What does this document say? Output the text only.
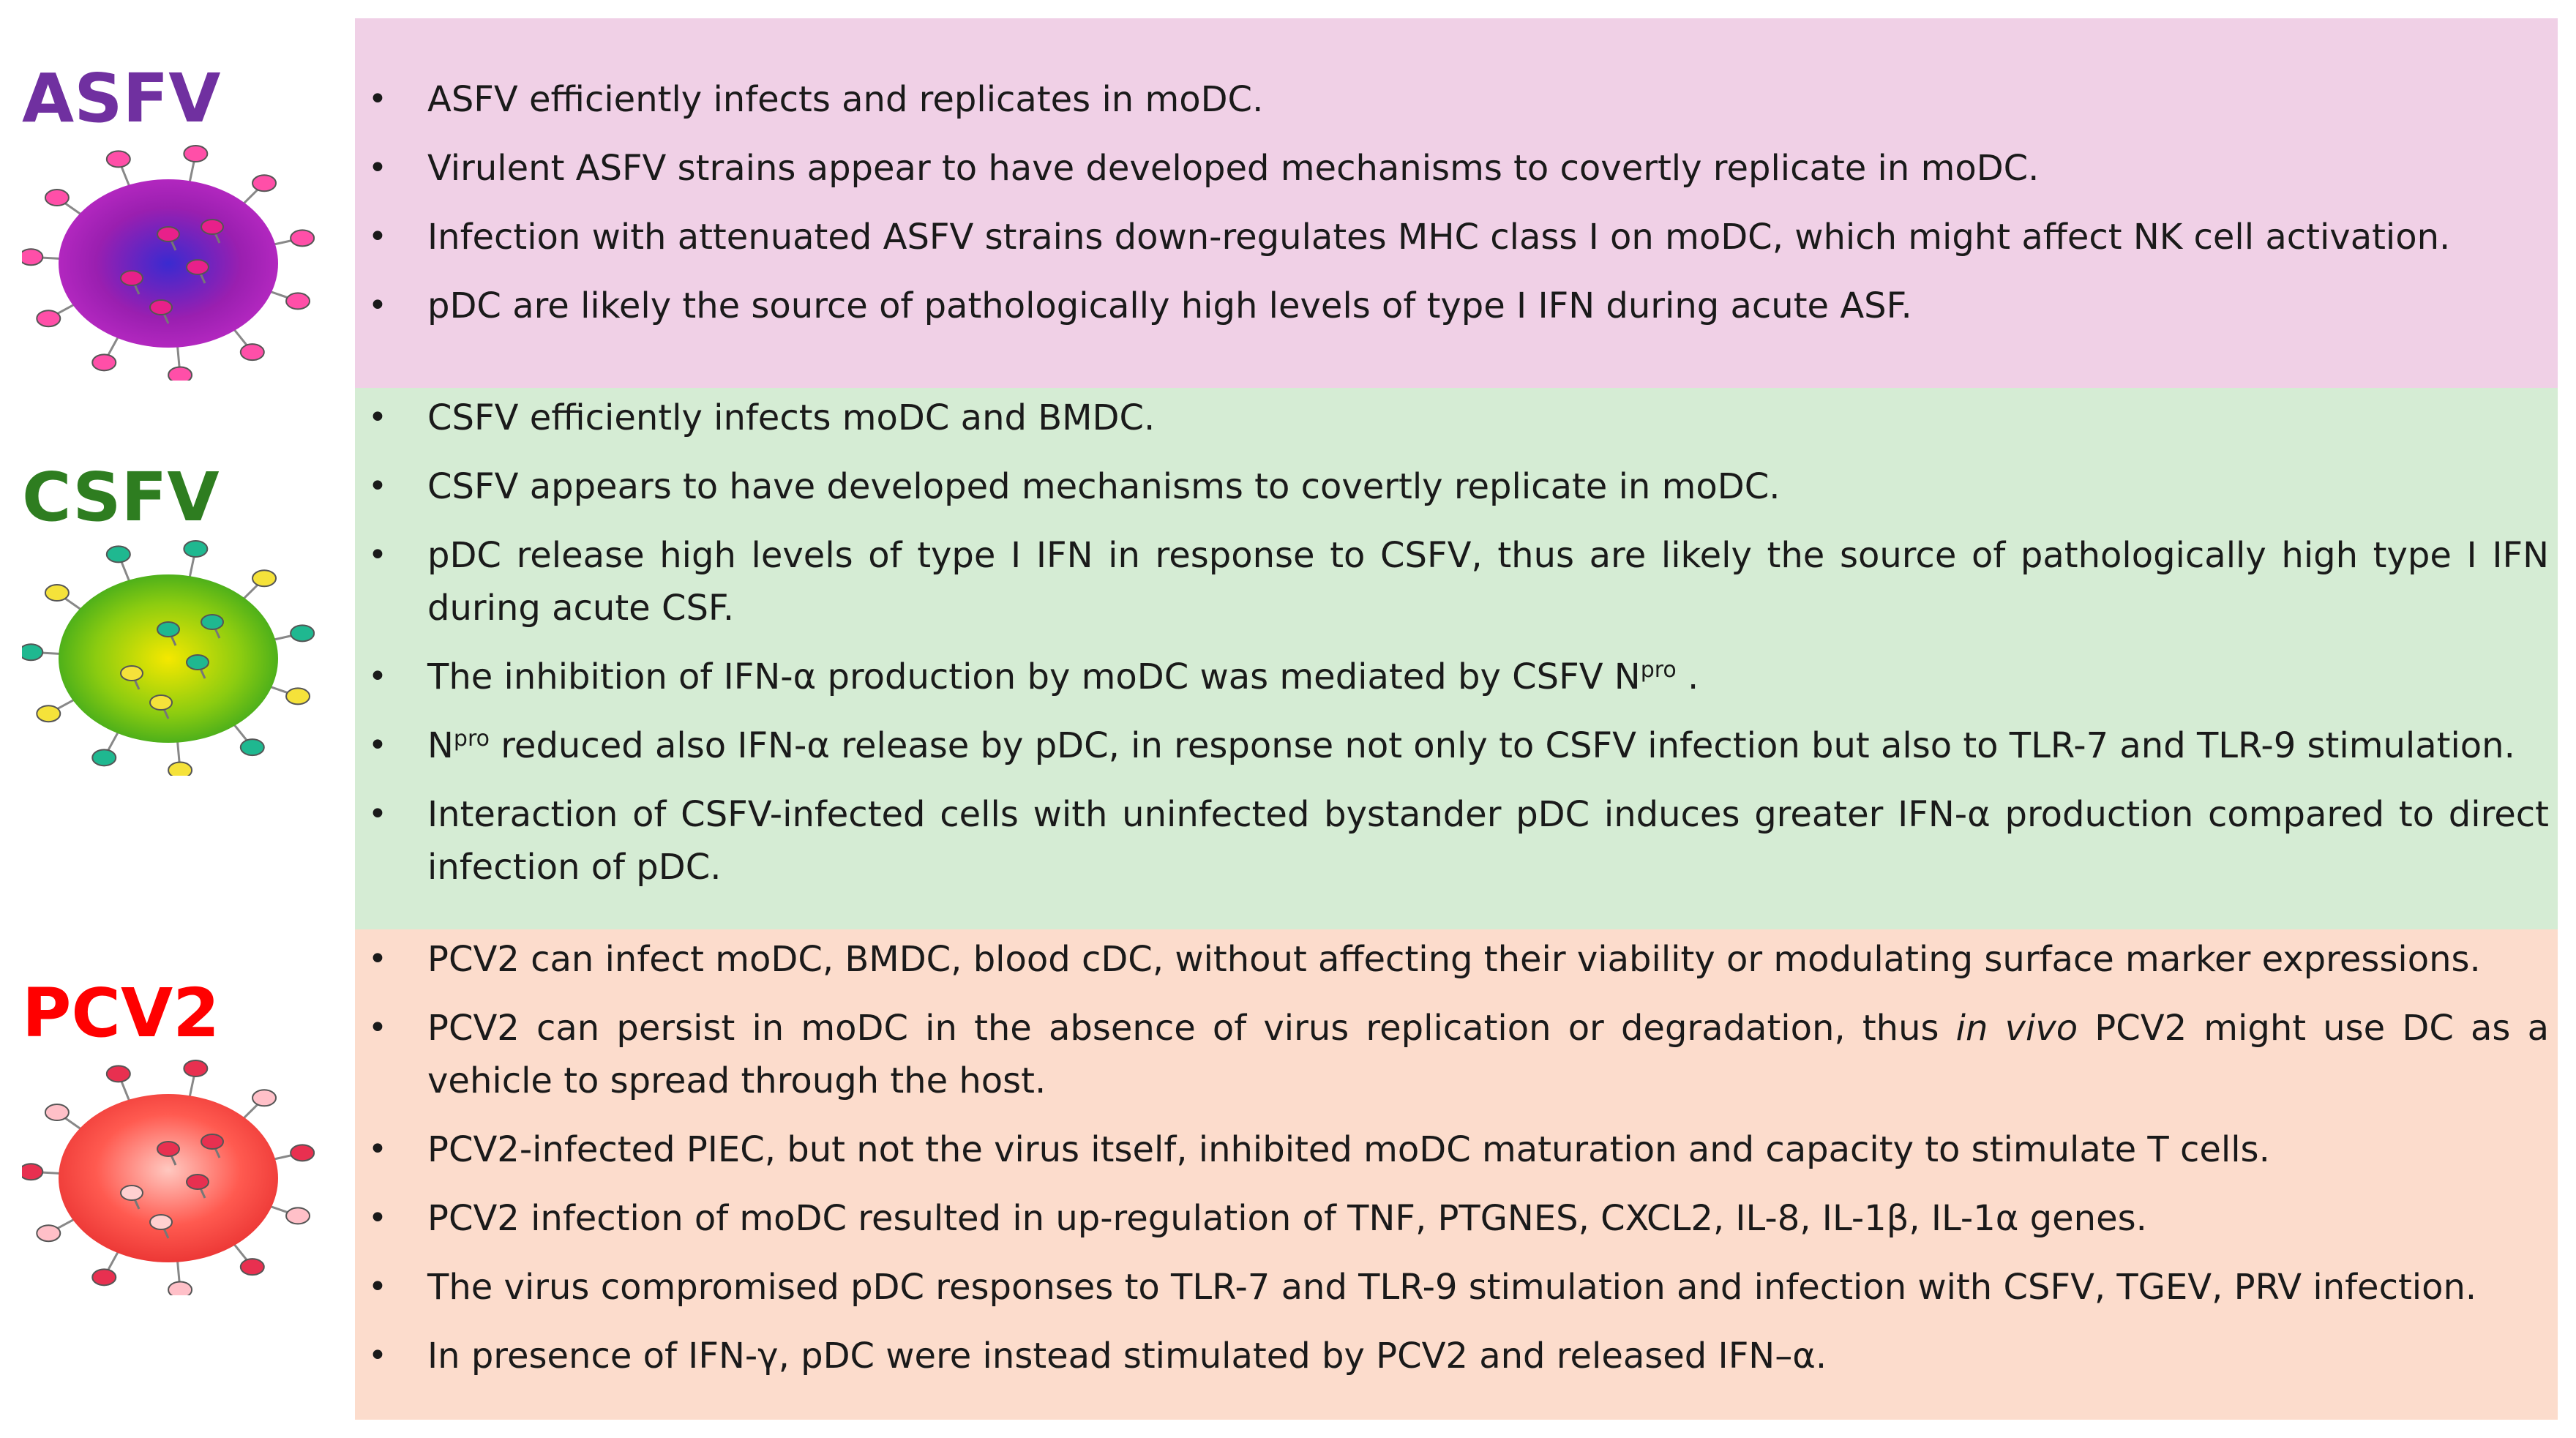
ASFV
CSFV
PCV2
• ASFV efficiently infects and replicates in moDC.
• Virulent ASFV strains appear to have developed mechanisms to covertly replicate in moDC.
• Infection with attenuated ASFV strains down-regulates MHC class I on moDC, which might affect NK cell activation.
• pDC are likely the source of pathologically high levels of type I IFN during acute ASF.
• CSFV efficiently infects moDC and BMDC.
• CSFV appears to have developed mechanisms to covertly replicate in moDC.
• pDC release high levels of type I IFN in response to CSFV, thus are likely the source of pathologically high type I IFN during acute CSF.
• The inhibition of IFN-α production by moDC was mediated by CSFV $N^{pro}$ .
• $N^{pro}$ reduced also IFN-α release by pDC, in response not only to CSFV infection but also to TLR-7 and TLR-9 stimulation.
• Interaction of CSFV-infected cells with uninfected bystander pDC induces greater IFN-α production compared to direct infection of pDC.
• PCV2 can infect moDC, BMDC, blood cDC, without affecting their viability or modulating surface marker expressions.
• PCV2 can persist in moDC in the absence of virus replication or degradation, thus in vivo PCV2 might use DC as a vehicle to spread through the host.
• PCV2-infected PIEC, but not the virus itself, inhibited moDC maturation and capacity to stimulate T cells.
• PCV2 infection of moDC resulted in up-regulation of TNF, PTGNES, CXCL2, IL-8, IL-1β, IL-1α genes.
• The virus compromised pDC responses to TLR-7 and TLR-9 stimulation and infection with CSFV, TGEV, PRV infection.
• In presence of IFN-γ, pDC were instead stimulated by PCV2 and released IFN–α.
